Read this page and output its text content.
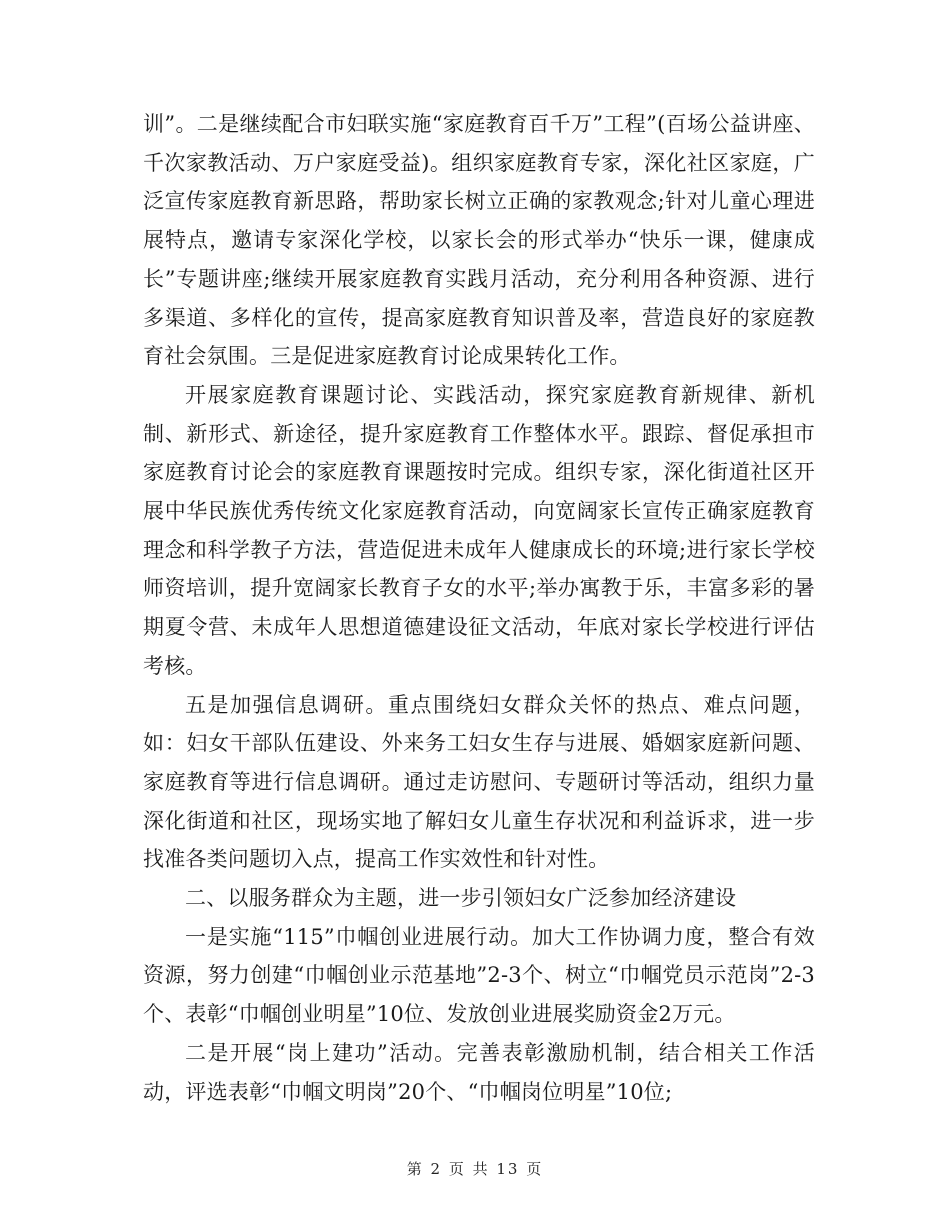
训”。二是继续配合市妇联实施“家庭教育百千万”工程”(百场公益讲座、千次家教活动、万户家庭受益)。组织家庭教育专家，深化社区家庭，广泛宣传家庭教育新思路，帮助家长树立正确的家教观念;针对儿童心理进展特点，邀请专家深化学校，以家长会的形式举办“快乐一课，健康成长”专题讲座;继续开展家庭教育实践月活动，充分利用各种资源、进行多渠道、多样化的宣传，提高家庭教育知识普及率，营造良好的家庭教育社会氛围。三是促进家庭教育讨论成果转化工作。

开展家庭教育课题讨论、实践活动，探究家庭教育新规律、新机制、新形式、新途径，提升家庭教育工作整体水平。跟踪、督促承担市家庭教育讨论会的家庭教育课题按时完成。组织专家，深化街道社区开展中华民族优秀传统文化家庭教育活动，向宽阔家长宣传正确家庭教育理念和科学教子方法，营造促进未成年人健康成长的环境;进行家长学校师资培训，提升宽阔家长教育子女的水平;举办寓教于乐，丰富多彩的暑期夏令营、未成年人思想道德建设征文活动，年底对家长学校进行评估考核。

五是加强信息调研。重点围绕妇女群众关怀的热点、难点问题，如：妇女干部队伍建设、外来务工妇女生存与进展、婚姻家庭新问题、家庭教育等进行信息调研。通过走访慰问、专题研讨等活动，组织力量深化街道和社区，现场实地了解妇女儿童生存状况和利益诉求，进一步找准各类问题切入点，提高工作实效性和针对性。

二、以服务群众为主题，进一步引领妇女广泛参加经济建设

一是实施“115”巾帼创业进展行动。加大工作协调力度，整合有效资源，努力创建“巾帼创业示范基地”2-3个、树立“巾帼党员示范岗”2-3个、表彰“巾帼创业明星”10位、发放创业进展奖励资金2万元。

二是开展“岗上建功”活动。完善表彰激励机制，结合相关工作活动，评选表彰“巾帼文明岗”20个、“巾帼岗位明星”10位;

第 2 页 共 13 页
